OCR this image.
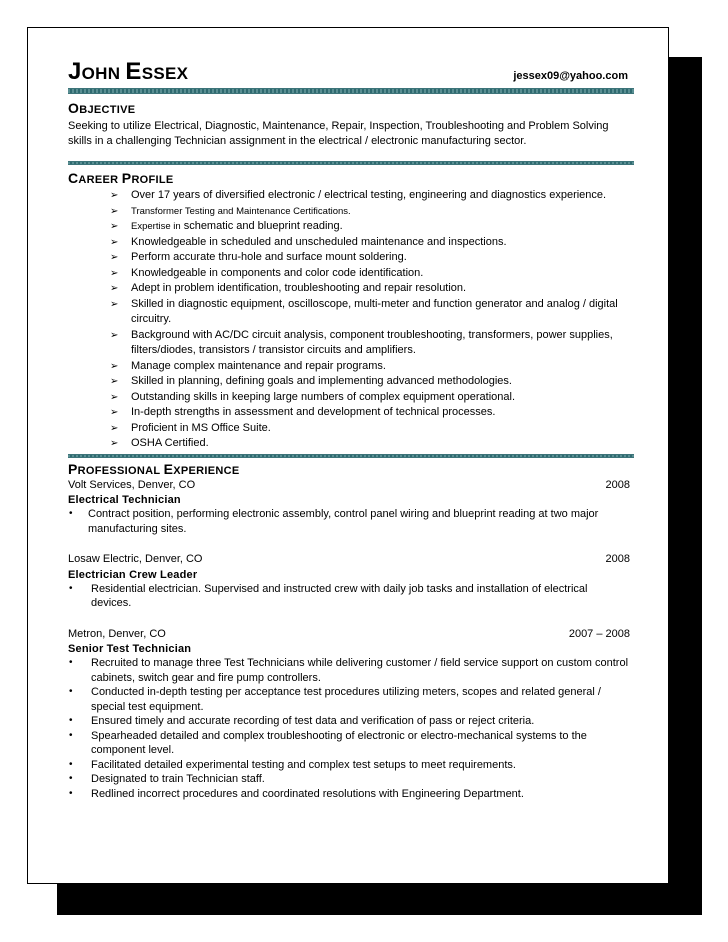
JOHN ESSEX	jessex09@yahoo.com
OBJECTIVE

Seeking to utilize Electrical, Diagnostic, Maintenance, Repair, Inspection, Troubleshooting and Problem Solving skills in a challenging Technician assignment in the electrical / electronic manufacturing sector.

CAREER PROFILE
➢ Over 17 years of diversified electronic / electrical testing, engineering and diagnostics experience.
➢ Transformer Testing and Maintenance Certifications.
➢ Expertise in schematic and blueprint reading.
➢ Knowledgeable in scheduled and unscheduled maintenance and inspections.
➢ Perform accurate thru-hole and surface mount soldering.
➢ Knowledgeable in components and color code identification.
➢ Adept in problem identification, troubleshooting and repair resolution.
➢ Skilled in diagnostic equipment, oscilloscope, multi-meter and function generator and analog / digital circuitry.
➢ Background with AC/DC circuit analysis, component troubleshooting, transformers, power supplies, filters/diodes, transistors / transistor circuits and amplifiers.
➢ Manage complex maintenance and repair programs.
➢ Skilled in planning, defining goals and implementing advanced methodologies.
➢ Outstanding skills in keeping large numbers of complex equipment operational.
➢ In-depth strengths in assessment and development of technical processes.
➢ Proficient in MS Office Suite.
➢ OSHA Certified.
PROFESSIONAL EXPERIENCE
Volt Services, Denver, CO	2008
Electrical Technician
• Contract position, performing electronic assembly, control panel wiring and blueprint reading at two major manufacturing sites.
Losaw Electric, Denver, CO	2008
Electrician Crew Leader
• Residential electrician. Supervised and instructed crew with daily job tasks and installation of electrical devices.
Metron, Denver, CO	2007 – 2008
Senior Test Technician
• Recruited to manage three Test Technicians while delivering customer / field service support on custom control cabinets, switch gear and fire pump controllers.
• Conducted in-depth testing per acceptance test procedures utilizing meters, scopes and related general / special test equipment.
• Ensured timely and accurate recording of test data and verification of pass or reject criteria.
• Spearheaded detailed and complex troubleshooting of electronic or electro-mechanical systems to the component level.
• Facilitated detailed experimental testing and complex test setups to meet requirements.
• Designated to train Technician staff.
• Redlined incorrect procedures and coordinated resolutions with Engineering Department.
